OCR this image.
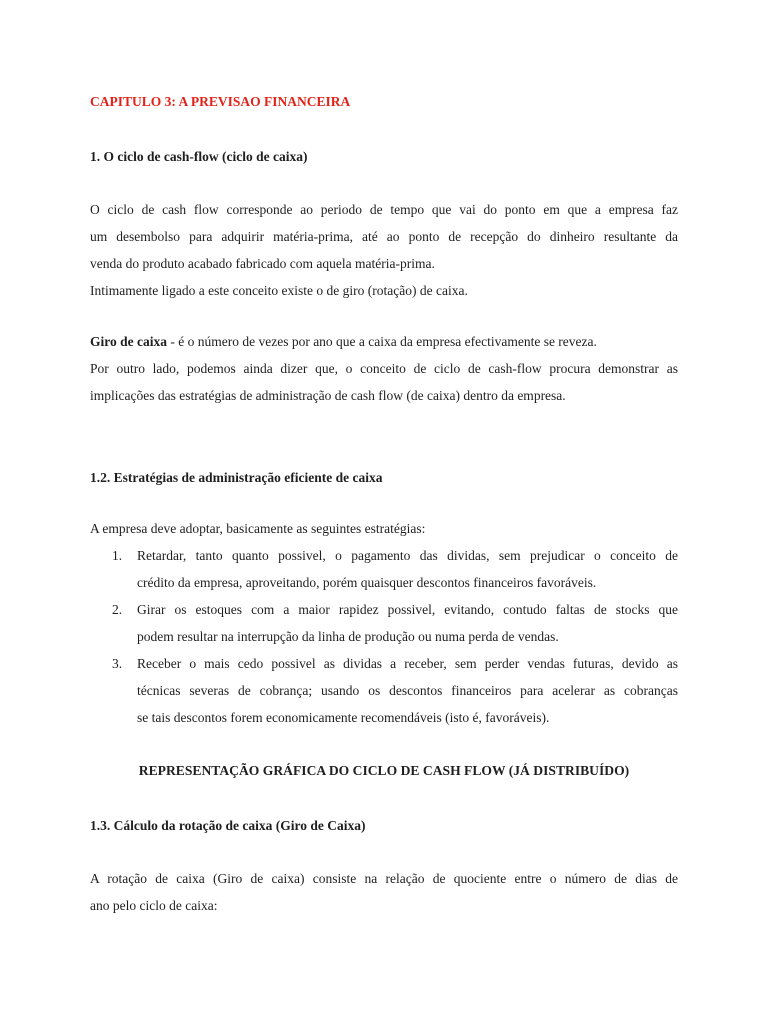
CAPITULO 3: A PREVISAO FINANCEIRA
1. O ciclo de cash-flow (ciclo de caixa)
O ciclo de cash flow corresponde ao periodo de tempo que vai do ponto em que a empresa faz
um desembolso para adquirir matéria-prima, até ao ponto de recepção do dinheiro resultante da
venda do produto acabado fabricado com aquela matéria-prima.
Intimamente ligado a este conceito existe o de giro (rotação) de caixa.
Giro de caixa - é o número de vezes por ano que a caixa da empresa efectivamente se reveza.
Por outro lado, podemos ainda dizer que, o conceito de ciclo de cash-flow procura demonstrar as
implicações das estratégias de administração de cash flow (de caixa) dentro da empresa.
1.2. Estratégias de administração eficiente de caixa
A empresa deve adoptar, basicamente as seguintes estratégias:
1. Retardar, tanto quanto possivel, o pagamento das dividas, sem prejudicar o conceito de
crédito da empresa, aproveitando, porém quaisquer descontos financeiros favoráveis.
2. Girar os estoques com a maior rapidez possivel, evitando, contudo faltas de stocks que
podem resultar na interrupção da linha de produção ou numa perda de vendas.
3. Receber o mais cedo possivel as dividas a receber, sem perder vendas futuras, devido as
técnicas severas de cobrança; usando os descontos financeiros para acelerar as cobranças
se tais descontos forem economicamente recomendáveis (isto é, favoráveis).
REPRESENTAÇÃO GRÁFICA DO CICLO DE CASH FLOW (JÁ DISTRIBUÍDO)
1.3. Cálculo da rotação de caixa (Giro de Caixa)
A rotação de caixa (Giro de caixa) consiste na relação de quociente entre o número de dias de
ano pelo ciclo de caixa:
